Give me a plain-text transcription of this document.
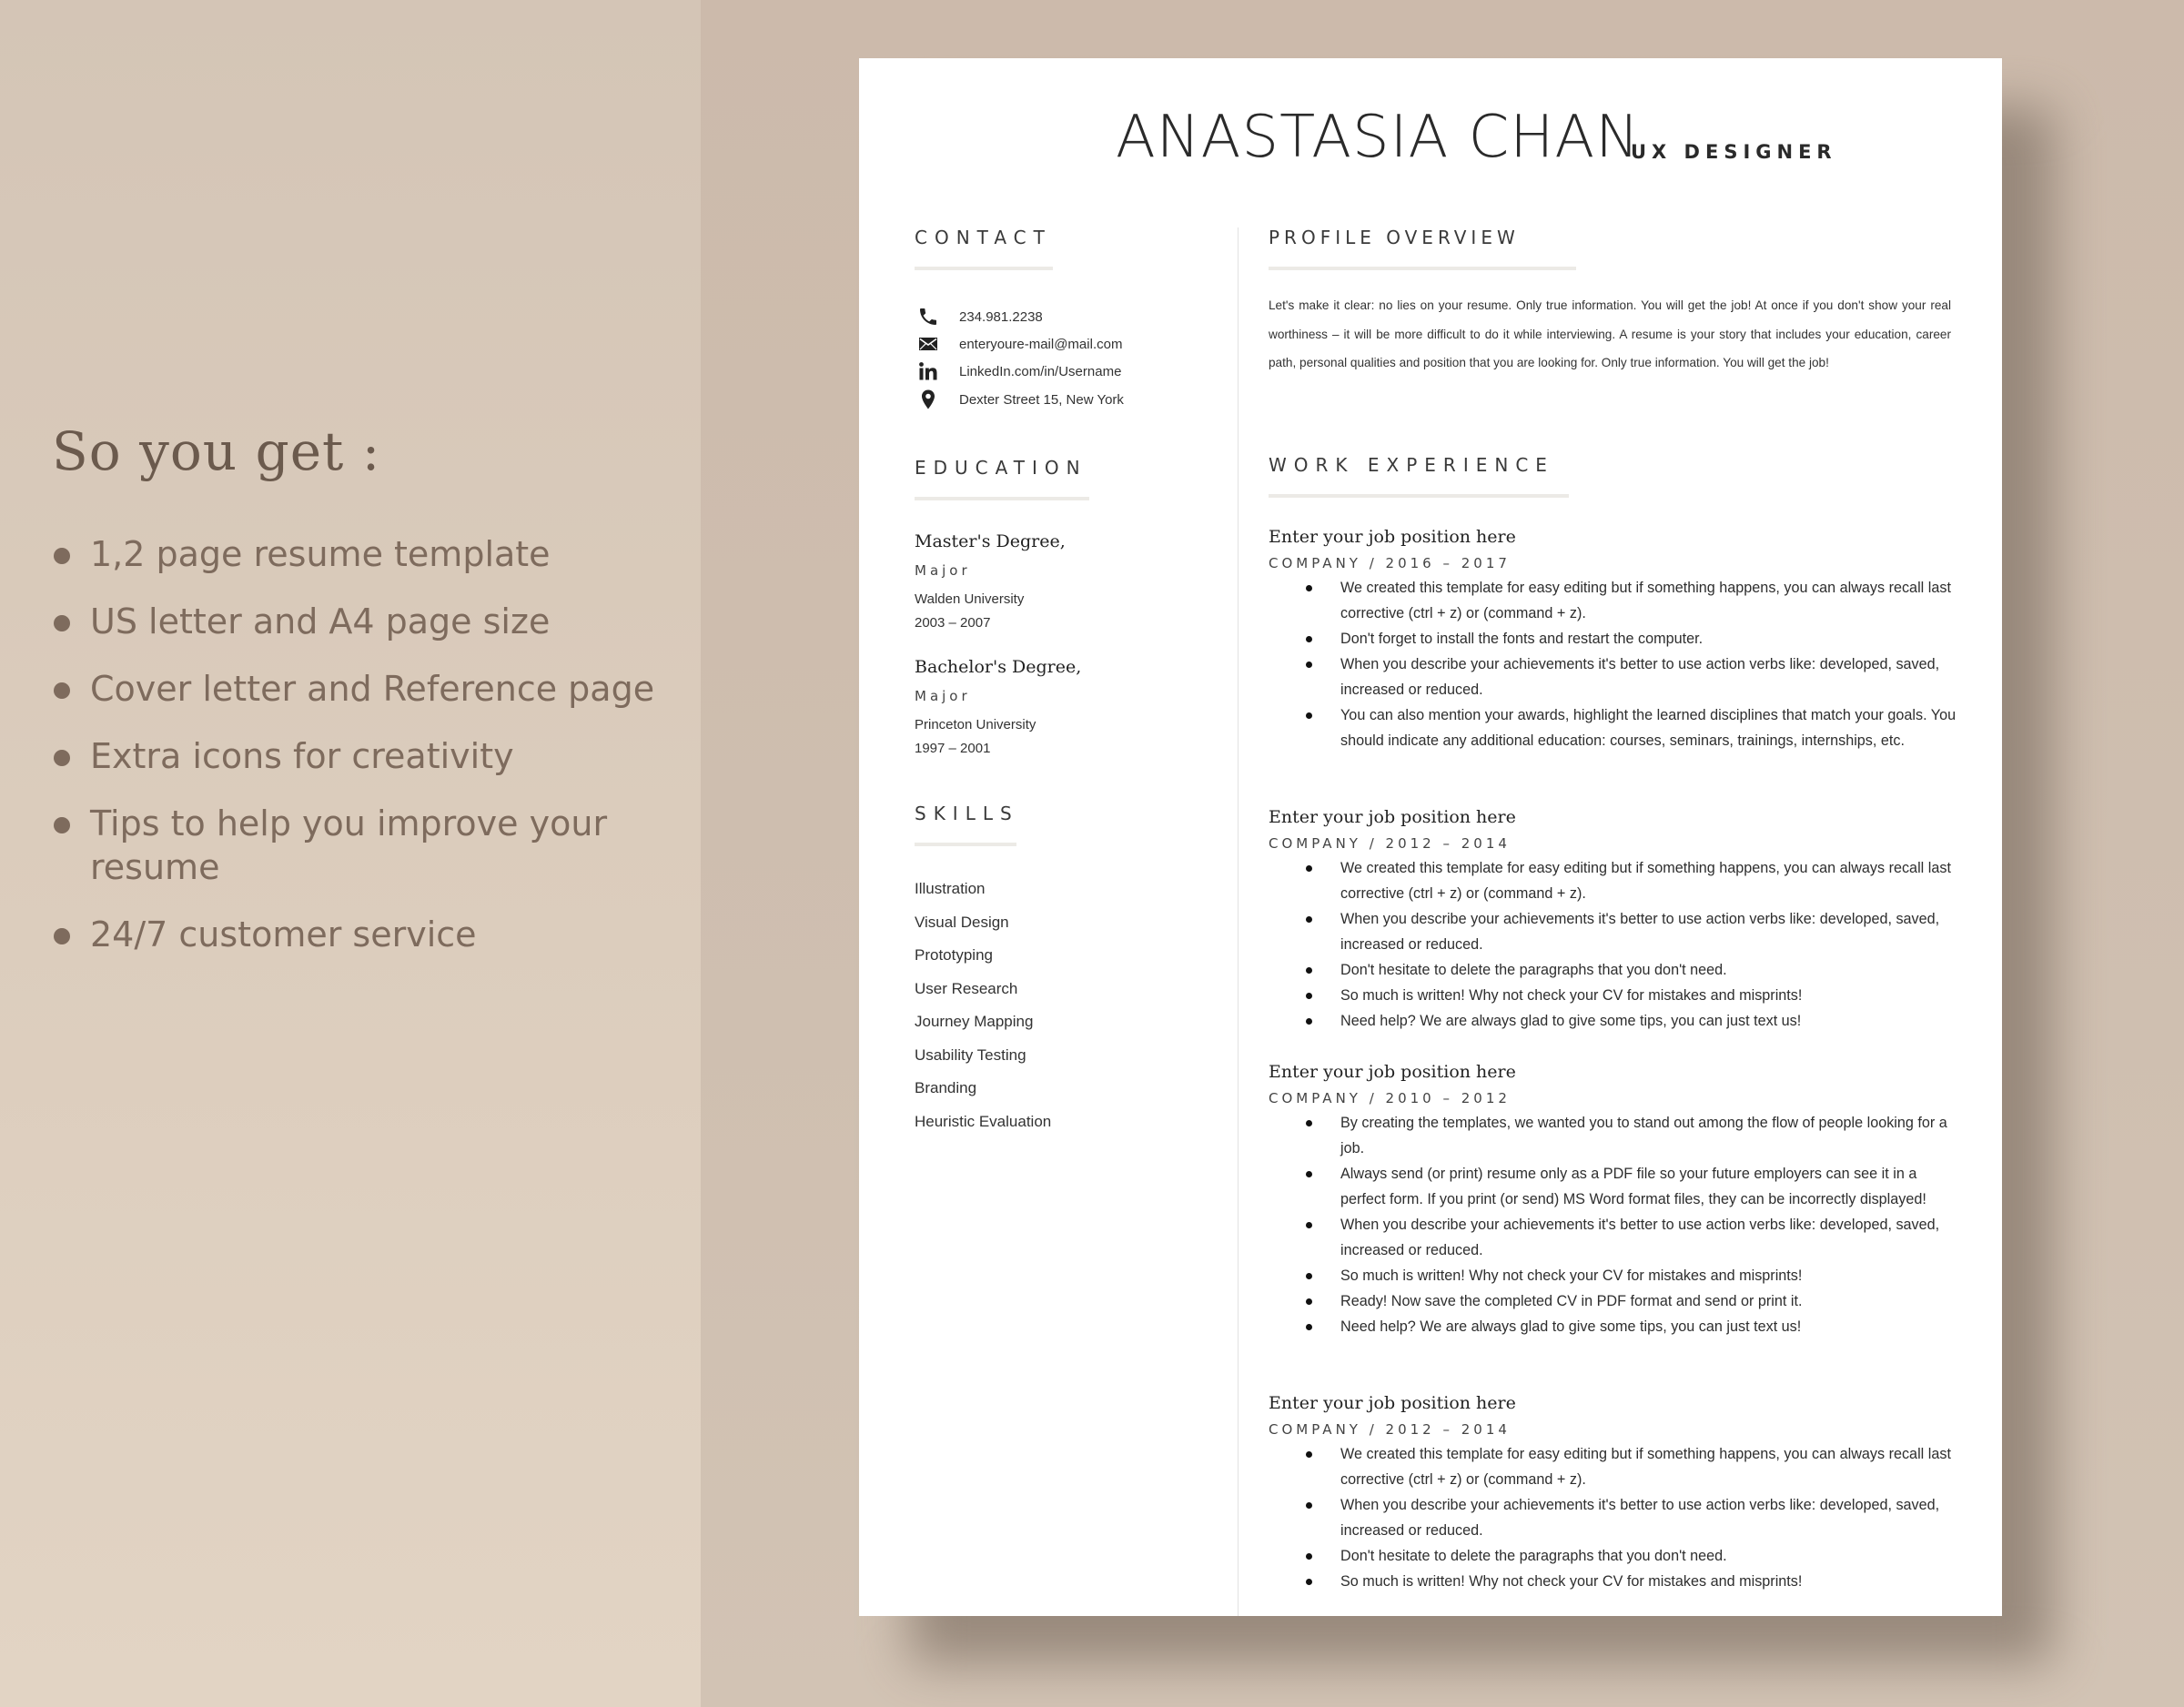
So you get :
1,2 page resume template
US letter and A4 page size
Cover letter and Reference page
Extra icons for creativity
Tips to help you improve your resume
24/7 customer service
ANASTASIA CHAN
UX DESIGNER
CONTACT
234.981.2238
enteryoure-mail@mail.com
LinkedIn.com/in/Username
Dexter Street 15, New York
EDUCATION
Master's Degree,
Major
Walden University
2003 – 2007
Bachelor's Degree,
Major
Princeton University
1997 – 2001
SKILLS
Illustration
Visual Design
Prototyping
User Research
Journey Mapping
Usability Testing
Branding
Heuristic Evaluation
PROFILE OVERVIEW

Let's make it clear: no lies on your resume. Only true information. You will get the job! At once if you don't show your real worthiness – it will be more difficult to do it while interviewing. A resume is your story that includes your education, career path, personal qualities and position that you are looking for. Only true information. You will get the job!

WORK EXPERIENCE
Enter your job position here
COMPANY / 2016 – 2017
We created this template for easy editing but if something happens, you can always recall last corrective (ctrl + z) or (command + z).
Don't forget to install the fonts and restart the computer.
When you describe your achievements it's better to use action verbs like: developed, saved, increased or reduced.
You can also mention your awards, highlight the learned disciplines that match your goals. You should indicate any additional education: courses, seminars, trainings, internships, etc.
Enter your job position here
COMPANY / 2012 – 2014
We created this template for easy editing but if something happens, you can always recall last corrective (ctrl + z) or (command + z).
When you describe your achievements it's better to use action verbs like: developed, saved, increased or reduced.
Don't hesitate to delete the paragraphs that you don't need.
So much is written! Why not check your CV for mistakes and misprints!
Need help? We are always glad to give some tips, you can just text us!
Enter your job position here
COMPANY / 2010 – 2012
By creating the templates, we wanted you to stand out among the flow of people looking for a job.
Always send (or print) resume only as a PDF file so your future employers can see it in a perfect form. If you print (or send) MS Word format files, they can be incorrectly displayed!
When you describe your achievements it's better to use action verbs like: developed, saved, increased or reduced.
So much is written! Why not check your CV for mistakes and misprints!
Ready! Now save the completed CV in PDF format and send or print it.
Need help? We are always glad to give some tips, you can just text us!
Enter your job position here
COMPANY / 2012 – 2014
We created this template for easy editing but if something happens, you can always recall last corrective (ctrl + z) or (command + z).
When you describe your achievements it's better to use action verbs like: developed, saved, increased or reduced.
Don't hesitate to delete the paragraphs that you don't need.
So much is written! Why not check your CV for mistakes and misprints!
